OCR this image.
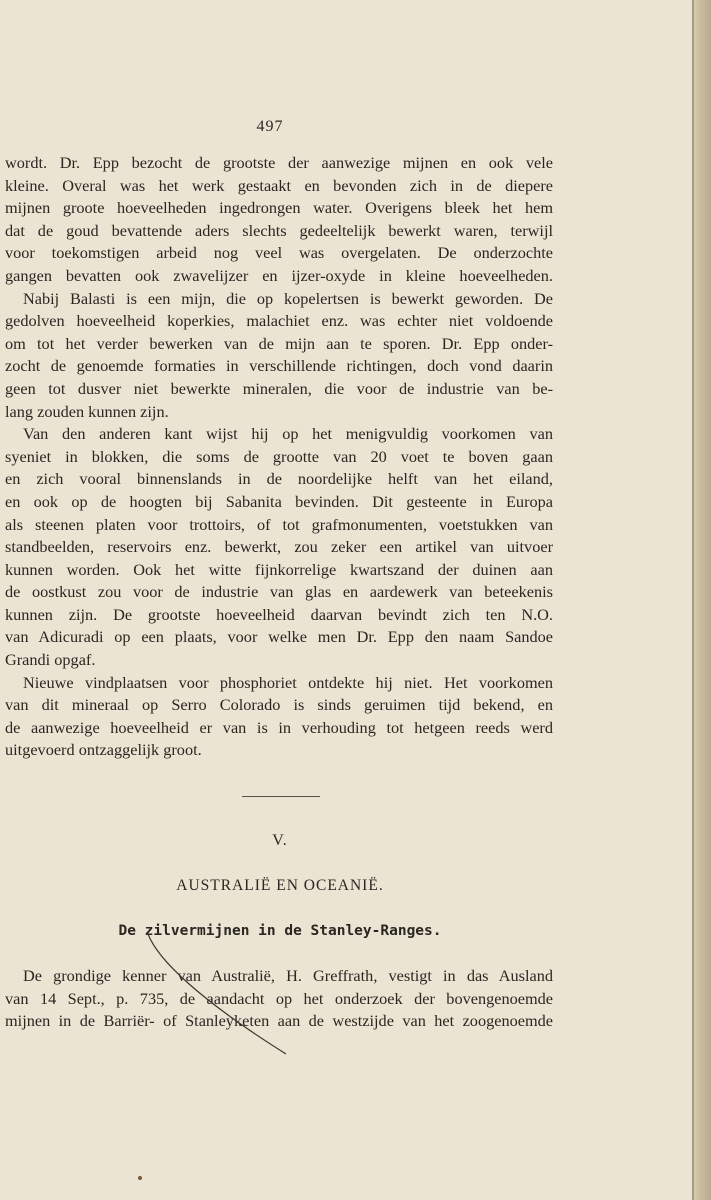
497
wordt. Dr. Epp bezocht de grootste der aanwezige mijnen en ook vele
kleine. Overal was het werk gestaakt en bevonden zich in de diepere
mijnen groote hoeveelheden ingedrongen water. Overigens bleek het hem
dat de goud bevattende aders slechts gedeeltelijk bewerkt waren, terwijl
voor toekomstigen arbeid nog veel was overgelaten. De onderzochte
gangen bevatten ook zwavelijzer en ijzer-oxyde in kleine hoeveelheden.
Nabij Balasti is een mijn, die op kopelertsen is bewerkt geworden. De
gedolven hoeveelheid koperkies, malachiet enz. was echter niet voldoende
om tot het verder bewerken van de mijn aan te sporen. Dr. Epp onder-
zocht de genoemde formaties in verschillende richtingen, doch vond daarin
geen tot dusver niet bewerkte mineralen, die voor de industrie van be-
lang zouden kunnen zijn.
Van den anderen kant wijst hij op het menigvuldig voorkomen van
syeniet in blokken, die soms de grootte van 20 voet te boven gaan
en zich vooral binnenslands in de noordelijke helft van het eiland,
en ook op de hoogten bij Sabanita bevinden. Dit gesteente in Europa
als steenen platen voor trottoirs, of tot grafmonumenten, voetstukken van
standbeelden, reservoirs enz. bewerkt, zou zeker een artikel van uitvoer
kunnen worden. Ook het witte fijnkorrelige kwartszand der duinen aan
de oostkust zou voor de industrie van glas en aardewerk van beteekenis
kunnen zijn. De grootste hoeveelheid daarvan bevindt zich ten N.O.
van Adicuradi op een plaats, voor welke men Dr. Epp den naam Sandoe
Grandi opgaf.
Nieuwe vindplaatsen voor phosphoriet ontdekte hij niet. Het voorkomen
van dit mineraal op Serro Colorado is sinds geruimen tijd bekend, en
de aanwezige hoeveelheid er van is in verhouding tot hetgeen reeds werd
uitgevoerd ontzaggelijk groot.
V.
AUSTRALIË EN OCEANIË.
De zilvermijnen in de Stanley-Ranges.
De grondige kenner van Australië, H. Greffrath, vestigt in das Ausland
van 14 Sept., p. 735, de aandacht op het onderzoek der bovengenoemde
mijnen in de Barriër- of Stanleyketen aan de westzijde van het zoogenoemde
